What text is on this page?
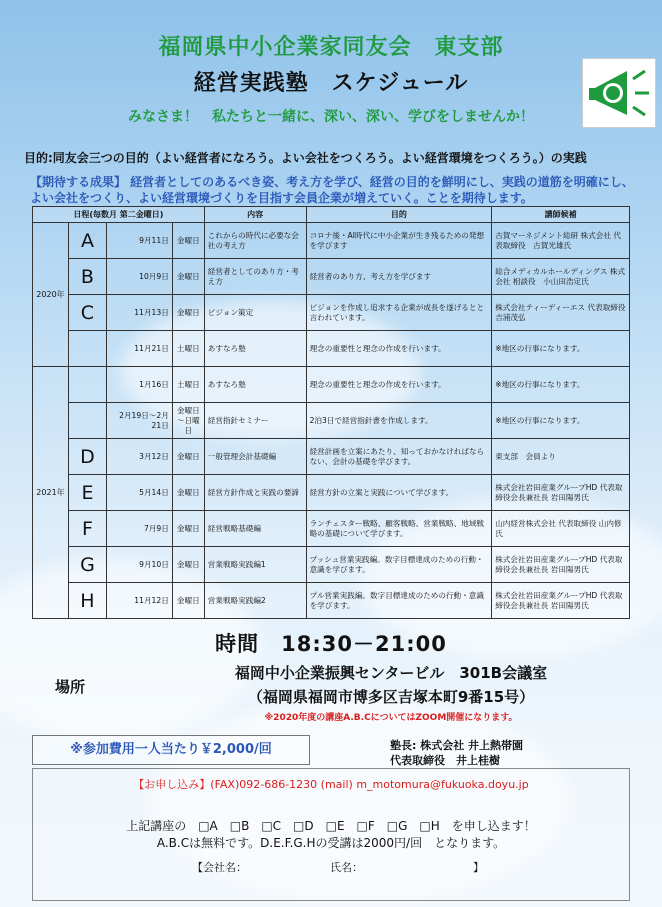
福岡県中小企業家同友会　東支部
経営実践塾　スケジュール
みなさま！　私たちと一緒に、深い、深い、学びをしませんか！
目的:同友会三つの目的（よい経営者になろう。よい会社をつくろう。よい経営環境をつくろう。）の実践
【期待する成果】 経営者としてのあるべき姿、考え方を学び、経営の目的を鮮明にし、実践の道筋を明確にし、よい会社をつくり、よい経営環境づくりを目指す会員企業が増えていく。ことを期待します。
日程(毎数月 第二金曜日)				内容	目的	講師候補
2020年	A	9月11日	金曜日	これからの時代に必要な会社の考え方	コロナ後・AI時代に中小企業が生き残るための発想を学びます	古賀マーネジメント総研 株式会社 代表取締役　古賀光雄氏
	B	10月9日	金曜日	経営者としてのあり方・考え方	経営者のあり方、考え方を学びます	総合メディカルホールディングス 株式会社 相談役　小山田浩定氏
	C	11月13日	金曜日	ビジョン策定	ビジョンを作成し追求する企業が成長を遂げるとと言われています。	株式会社ティーディーエス 代表取締役　吉浦茂弘
		11月21日	土曜日	あすなろ塾	理念の重要性と理念の作成を行います。	※地区の行事になります。
2021年		1月16日	土曜日	あすなろ塾	理念の重要性と理念の作成を行います。	※地区の行事になります。
		2月19日～2月21日	金曜日～日曜日	経営指針セミナー	2泊3日で経営指針書を作成します。	※地区の行事になります。
	D	3月12日	金曜日	一般管理会計基礎編	経営計画を立案にあたり、知っておかなければならない、会計の基礎を学びます。	東支部　会員より
	E	5月14日	金曜日	経営方針作成と実践の要諦	経営方針の立案と実践について学びます。	株式会社岩田産業グループHD 代表取締役会長兼社長 岩田陽男氏
	F	7月9日	金曜日	経営戦略基礎編	ランチェスター戦略、顧客戦略、営業戦略、地域戦略の基礎について学びます。	山内経営株式会社 代表取締役 山内修氏
	G	9月10日	金曜日	営業戦略実践編1	プッシュ営業実践編。数字目標達成のための行動・意識を学びます。	株式会社岩田産業グループHD 代表取締役会長兼社長 岩田陽男氏
	H	11月12日	金曜日	営業戦略実践編2	プル営業実践編。数字目標達成のための行動・意識を学びます。	株式会社岩田産業グループHD 代表取締役会長兼社長 岩田陽男氏
時間　18:30－21:00
場所
福岡中小企業振興センタービル　301B会議室
（福岡県福岡市博多区吉塚本町9番15号）
※2020年度の講座A.B.CについてはZOOM開催になります。
※参加費用一人当たり￥2,000/回	塾長: 株式会社 井上熱帯園
代表取締役　井上桂樹
【お申し込み】(FAX)092-686-1230 (mail) m_motomura@fukuoka.doyu.jp
上記講座の　□A　□B　□C　□D　□E　□F　□G　□H　を申し込ます！
A.B.Cは無料です。D.E.F.G.Hの受講は2000円/回　となります。
【会社名：	氏名：	】
